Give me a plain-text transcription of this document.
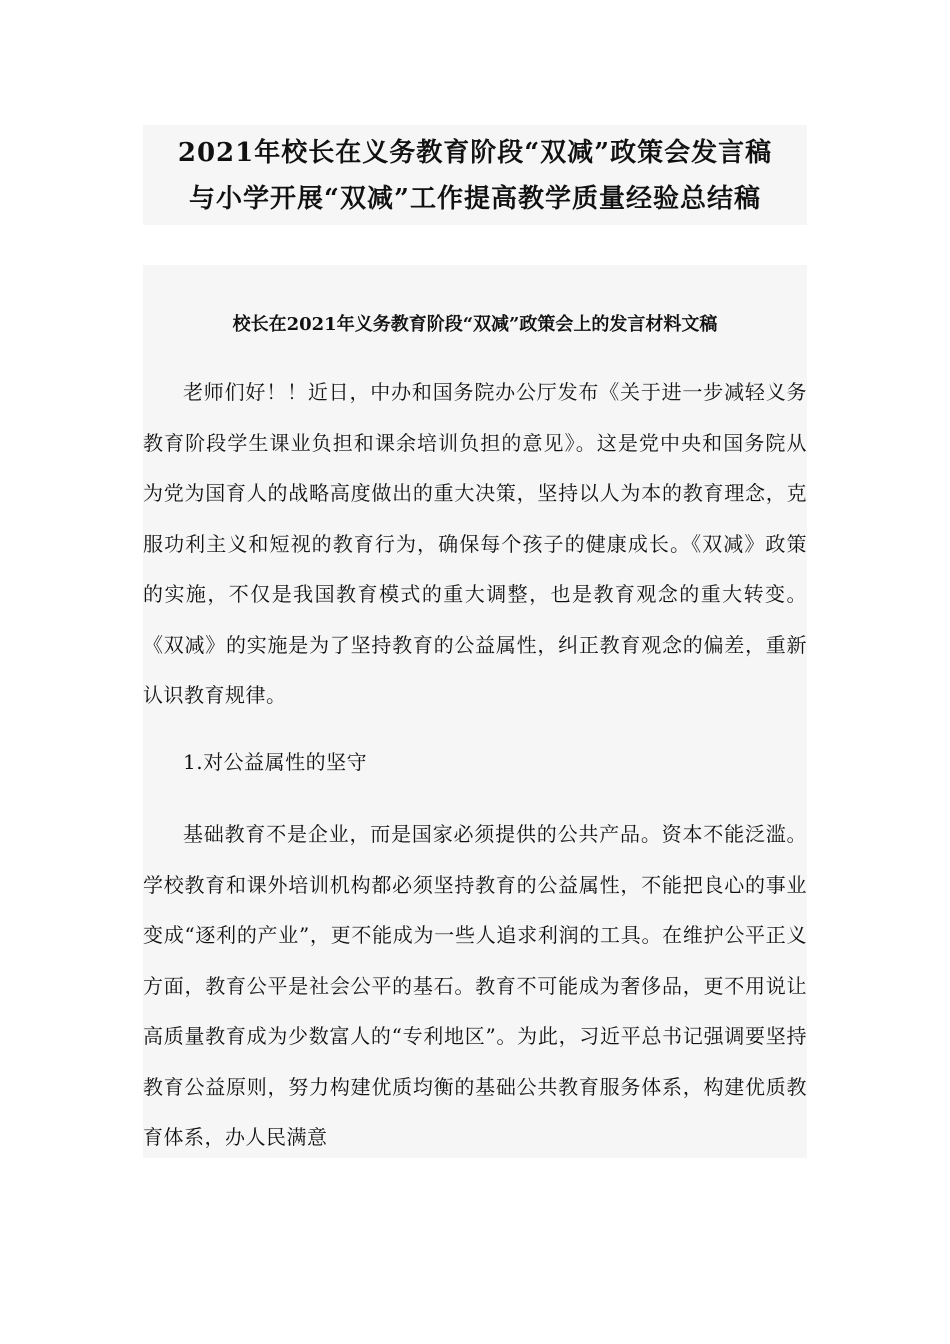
2021年校长在义务教育阶段“双减”政策会发言稿
与小学开展“双减”工作提高教学质量经验总结稿
校长在2021年义务教育阶段“双减”政策会上的发言材料文稿

老师们好！！近日，中办和国务院办公厅发布《关于进一步减轻义务教育阶段学生课业负担和课余培训负担的意见》。这是党中央和国务院从为党为国育人的战略高度做出的重大决策，坚持以人为本的教育理念，克服功利主义和短视的教育行为，确保每个孩子的健康成长。《双减》政策的实施，不仅是我国教育模式的重大调整，也是教育观念的重大转变。《双减》的实施是为了坚持教育的公益属性，纠正教育观念的偏差，重新认识教育规律。

1.对公益属性的坚守

基础教育不是企业，而是国家必须提供的公共产品。资本不能泛滥。学校教育和课外培训机构都必须坚持教育的公益属性，不能把良心的事业变成“逐利的产业”，更不能成为一些人追求利润的工具。在维护公平正义方面，教育公平是社会公平的基石。教育不可能成为奢侈品，更不用说让高质量教育成为少数富人的“专利地区”。为此，习近平总书记强调要坚持教育公益原则，努力构建优质均衡的基础公共教育服务体系，构建优质教育体系，办人民满意
